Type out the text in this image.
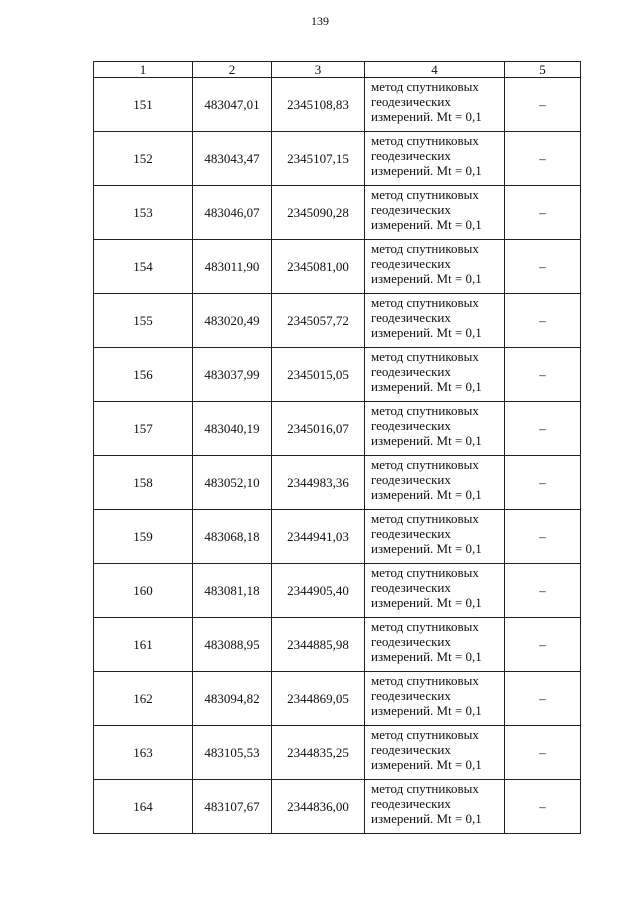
139
1	2	3	4	5
151	483047,01	2345108,83	метод спутниковых
геодезических
измерений. Mt = 0,1	–
152	483043,47	2345107,15	метод спутниковых
геодезических
измерений. Mt = 0,1	–
153	483046,07	2345090,28	метод спутниковых
геодезических
измерений. Mt = 0,1	–
154	483011,90	2345081,00	метод спутниковых
геодезических
измерений. Mt = 0,1	–
155	483020,49	2345057,72	метод спутниковых
геодезических
измерений. Mt = 0,1	–
156	483037,99	2345015,05	метод спутниковых
геодезических
измерений. Mt = 0,1	–
157	483040,19	2345016,07	метод спутниковых
геодезических
измерений. Mt = 0,1	–
158	483052,10	2344983,36	метод спутниковых
геодезических
измерений. Mt = 0,1	–
159	483068,18	2344941,03	метод спутниковых
геодезических
измерений. Mt = 0,1	–
160	483081,18	2344905,40	метод спутниковых
геодезических
измерений. Mt = 0,1	–
161	483088,95	2344885,98	метод спутниковых
геодезических
измерений. Mt = 0,1	–
162	483094,82	2344869,05	метод спутниковых
геодезических
измерений. Mt = 0,1	–
163	483105,53	2344835,25	метод спутниковых
геодезических
измерений. Mt = 0,1	–
164	483107,67	2344836,00	метод спутниковых
геодезических
измерений. Mt = 0,1	–
